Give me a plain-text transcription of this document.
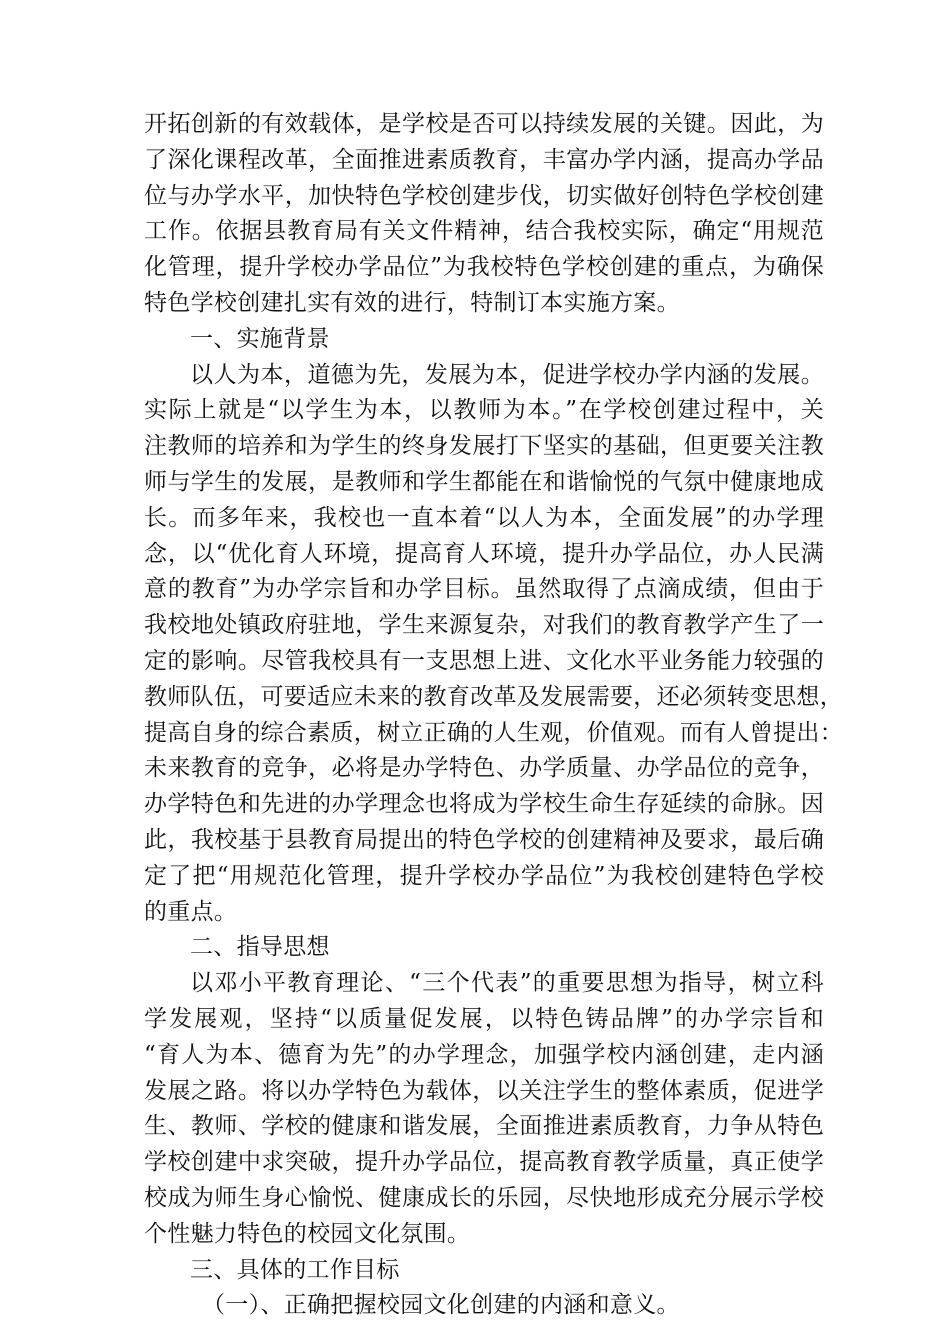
开拓创新的有效载体，是学校是否可以持续发展的关键。因此，为
了深化课程改革，全面推进素质教育，丰富办学内涵，提高办学品
位与办学水平，加快特色学校创建步伐，切实做好创特色学校创建
工作。依据县教育局有关文件精神，结合我校实际，确定“用规范
化管理，提升学校办学品位”为我校特色学校创建的重点，为确保
特色学校创建扎实有效的进行，特制订本实施方案。
一、实施背景
以人为本，道德为先，发展为本，促进学校办学内涵的发展。
实际上就是“以学生为本，以教师为本。”在学校创建过程中，关
注教师的培养和为学生的终身发展打下坚实的基础，但更要关注教
师与学生的发展，是教师和学生都能在和谐愉悦的气氛中健康地成
长。而多年来，我校也一直本着“以人为本，全面发展”的办学理
念，以“优化育人环境，提高育人环境，提升办学品位，办人民满
意的教育”为办学宗旨和办学目标。虽然取得了点滴成绩，但由于
我校地处镇政府驻地，学生来源复杂，对我们的教育教学产生了一
定的影响。尽管我校具有一支思想上进、文化水平业务能力较强的
教师队伍，可要适应未来的教育改革及发展需要，还必须转变思想，
提高自身的综合素质，树立正确的人生观，价值观。而有人曾提出：
未来教育的竞争，必将是办学特色、办学质量、办学品位的竞争，
办学特色和先进的办学理念也将成为学校生命生存延续的命脉。因
此，我校基于县教育局提出的特色学校的创建精神及要求，最后确
定了把“用规范化管理，提升学校办学品位”为我校创建特色学校
的重点。
二、指导思想
以邓小平教育理论、“三个代表”的重要思想为指导，树立科
学发展观，坚持“以质量促发展，以特色铸品牌”的办学宗旨和
“育人为本、德育为先”的办学理念，加强学校内涵创建，走内涵
发展之路。将以办学特色为载体，以关注学生的整体素质，促进学
生、教师、学校的健康和谐发展，全面推进素质教育，力争从特色
学校创建中求突破，提升办学品位，提高教育教学质量，真正使学
校成为师生身心愉悦、健康成长的乐园，尽快地形成充分展示学校
个性魅力特色的校园文化氛围。
三、具体的工作目标
（一）、正确把握校园文化创建的内涵和意义。
